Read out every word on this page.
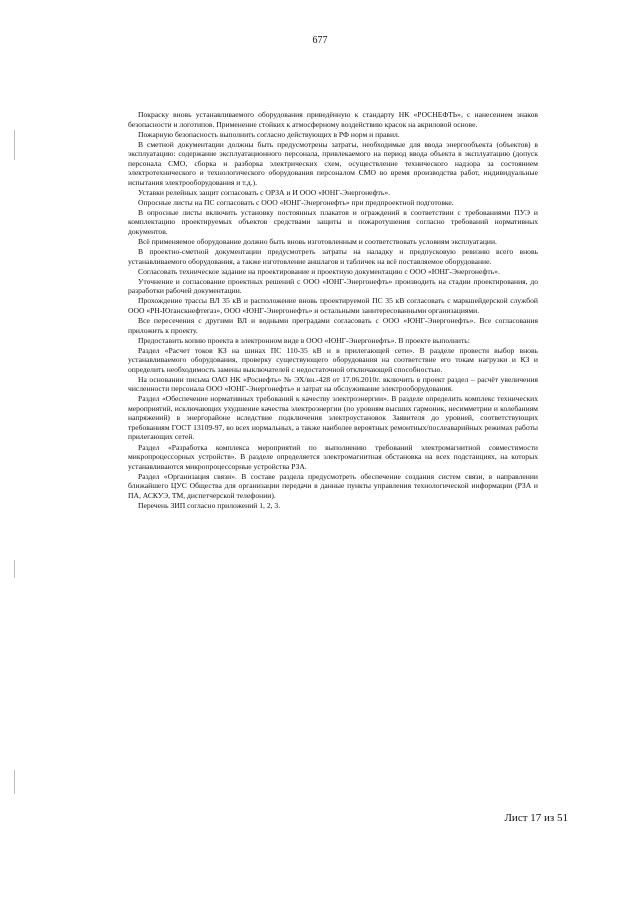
677

Покраску вновь устанавливаемого оборудования приведённую к стандарту НК «РОСНЕФТЬ», с нанесением знаков безопасности и логотипов. Применение стойких к атмосферному воздействию красок на акриловой основе.

Пожарную безопасность выполнить согласно действующих в РФ норм и правил.

В сметной документации должны быть предусмотрены затраты, необходимые для ввода энергообъекта (объектов) в эксплуатацию: содержание эксплуатационного персонала, привлекаемого на период ввода объекта в эксплуатацию (допуск персонала СМО, сборка и разборка электрических схем, осуществление технического надзора за состоянием электротехнического и технологического оборудования персоналом СМО во время производства работ, индивидуальные испытания электрооборудования и т.д.).

Уставки релейных защит согласовать с ОРЗА и И ООО «ЮНГ-Энергонефть».

Опросные листы на ПС согласовать с ООО «ЮНГ-Энергонефть» при предпроектной подготовке.

В опросные листы включить установку постоянных плакатов и ограждений в соответствии с требованиями ПУЭ и комплектацию проектируемых объектов средствами защиты и пожаротушения согласно требований нормативных документов.

Всё применяемое оборудование должно быть вновь изготовленным и соответствовать условиям эксплуатации.

В проектно-сметной документации предусмотреть затраты на наладку и предпусковую ревизию всего вновь устанавливаемого оборудования, а также изготовление аншлагов и табличек на всё поставляемое оборудование.

Согласовать техническое задание на проектирование и проектную документацию с ООО «ЮНГ-Энергонефть».

Уточнение и согласование проектных решений с ООО «ЮНГ-Энергонефть» производить на стадии проектирования, до разработки рабочей документации.

Прохождение трассы ВЛ 35 кВ и расположение вновь проектируемой ПС 35 кВ согласовать с маркшейдерской службой ООО «РН-Юганскнефтегаз», ООО «ЮНГ-Энергонефть» и остальными заинтересованными организациями.

Все пересечения с другими ВЛ и водными преградами согласовать с ООО «ЮНГ-Энергонефть». Все согласования приложить к проекту.

Предоставить копию проекта в электронном виде в ООО «ЮНГ-Энергонефть». В проекте выполнить:

Раздел «Расчет токов КЗ на шинах ПС 110-35 кВ и в прилегающей сети». В разделе провести выбор вновь устанавливаемого оборудования, проверку существующего оборудования на соответствие его токам нагрузки и КЗ и определить необходимость замены выключателей с недостаточной отключающей способностью.

На основании письма ОАО НК «Роснефть» № ЭХ/вн.-428 от 17.06.2010г. включить в проект раздел – расчёт увеличения численности персонала ООО «ЮНГ-Энергонефть» и затрат на обслуживание электрооборудования.

Раздел «Обеспечение нормативных требований к качеству электроэнергии». В разделе определить комплекс технических мероприятий, исключающих ухудшение качества электроэнергии (по уровням высших гармоник, несимметрии и колебаниям напряжений) в энергорайоне вследствие подключения электроустановок Заявителя до уровней, соответствующих требованиям ГОСТ 13109-97, во всех нормальных, а также наиболее вероятных ремонтных/послеаварийных режимах работы прилегающих сетей.

Раздел «Разработка комплекса мероприятий по выполнению требований электромагнитной совместимости микропроцессорных устройств». В разделе определяется электромагнитная обстановка на всех подстанциях, на которых устанавливаются микропроцессорные устройства РЗА.

Раздел «Организация связи». В составе раздела предусмотреть обеспечение создания систем связи, в направлении ближайшего ЦУС Общества для организации передачи в данные пункты управления технологической информации (РЗА и ПА, АСКУЭ, ТМ, диспетчерской телефонии).

Перечень ЗИП согласно приложений 1, 2, 3.

Лист 17 из 51
